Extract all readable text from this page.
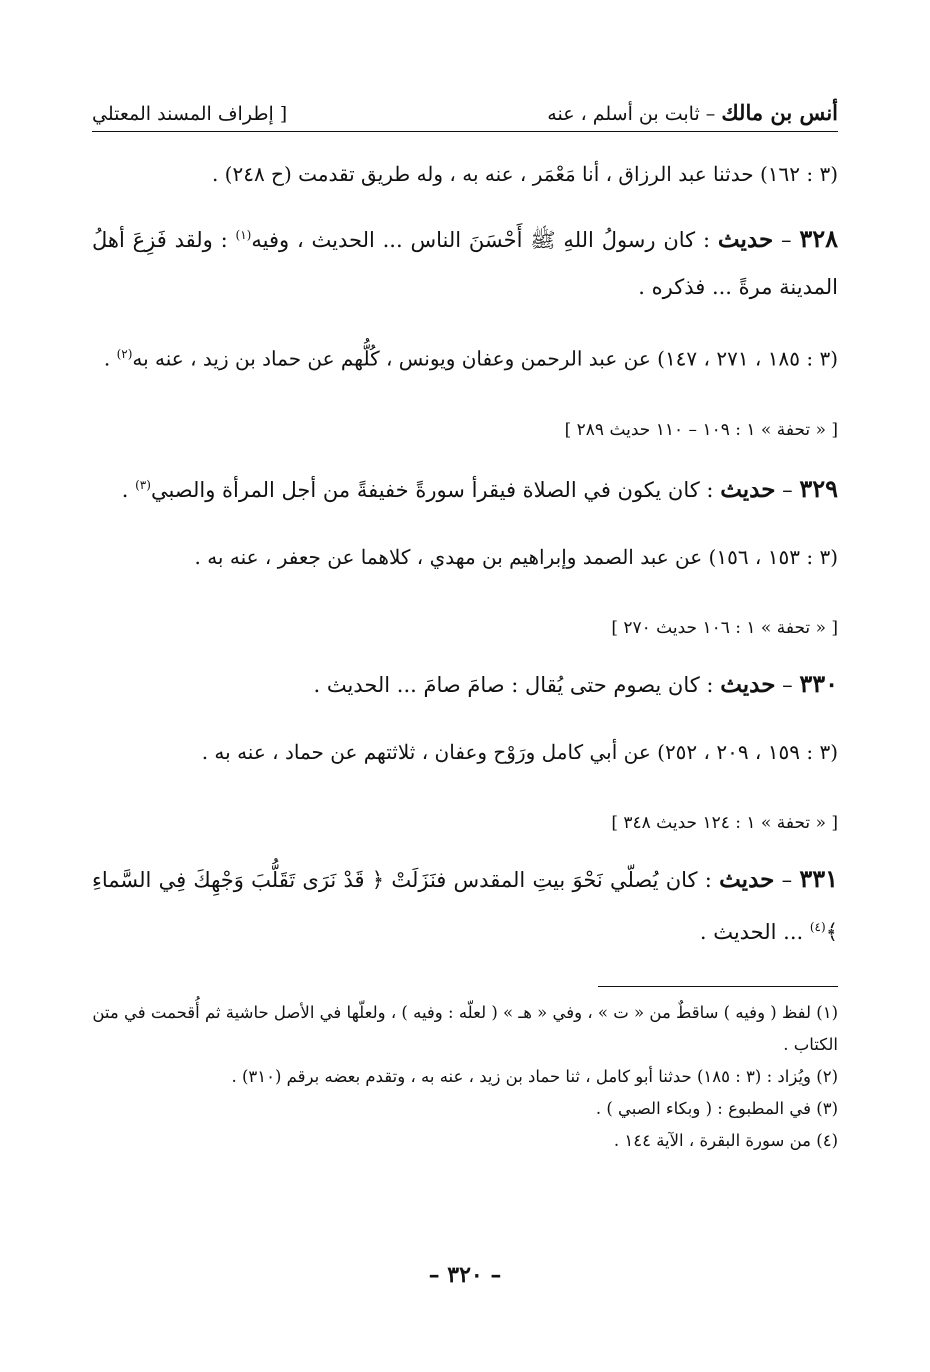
أنس بن مالك – ثابت بن أسلم ، عنه
[ إطراف المسند المعتلي

(٣ : ١٦٢) حدثنا عبد الرزاق ، أنا مَعْمَر ، عنه به ، وله طريق تقدمت (ح ٢٤٨) .

٣٢٨ – حديث : كان رسولُ اللهِ ﷺ أَحْسَنَ الناس ... الحديث ، وفيه$^{(١)}$ : ولقد فَزِعَ أهلُ المدينة مرةً ... فذكره .

(٣ : ١٨٥ ، ٢٧١ ، ١٤٧) عن عبد الرحمن وعفان ويونس ، كُلُّهم عن حماد بن زيد ، عنه به$^{(٢)}$ .

[ « تحفة » ١ : ١٠٩ – ١١٠ حديث ٢٨٩ ]

٣٢٩ – حديث : كان يكون في الصلاة فيقرأ سورةً خفيفةً من أجل المرأة والصبي$^{(٣)}$ .

(٣ : ١٥٣ ، ١٥٦) عن عبد الصمد وإبراهيم بن مهدي ، كلاهما عن جعفر ، عنه به .

[ « تحفة » ١ : ١٠٦ حديث ٢٧٠ ]

٣٣٠ – حديث : كان يصوم حتى يُقال : صامَ صامَ ... الحديث .

(٣ : ١٥٩ ، ٢٠٩ ، ٢٥٢) عن أبي كامل ورَوْح وعفان ، ثلاثتهم عن حماد ، عنه به .

[ « تحفة » ١ : ١٢٤ حديث ٣٤٨ ]

٣٣١ – حديث : كان يُصلّي نَحْوَ بيتِ المقدس فنَزَلَتْ ﴿ قَدْ نَرَى تَقَلُّبَ وَجْهِكَ فِي السَّماءِ ﴾$^{(٤)}$ ... الحديث .

(١) لفظ ( وفيه ) ساقطٌ من « ت » ، وفي « هـ » ( لعلّه : وفيه ) ، ولعلّها في الأصل حاشية ثم أُقحمت في متن الكتاب .

(٢) ويُزاد : (٣ : ١٨٥) حدثنا أبو كامل ، ثنا حماد بن زيد ، عنه به ، وتقدم بعضه برقم (٣١٠) .

(٣) في المطبوع : ( وبكاء الصبي ) .

(٤) من سورة البقرة ، الآية ١٤٤ .

– ٣٢٠ –
